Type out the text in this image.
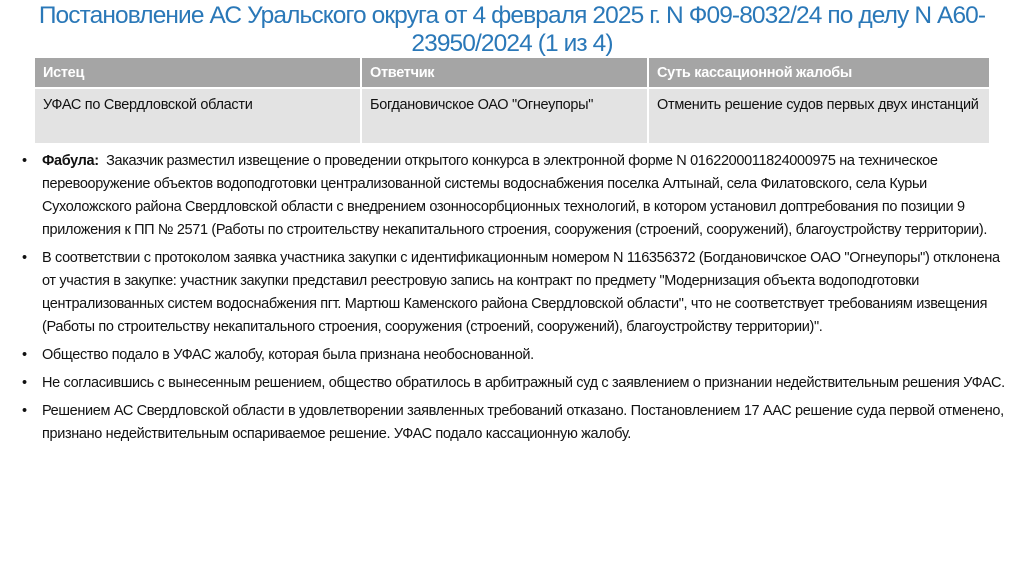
Постановление АС Уральского округа от 4 февраля 2025 г. N Ф09-8032/24 по делу N А60-23950/2024 (1 из 4)
Истец	Ответчик	Суть кассационной жалобы
УФАС по Свердловской области	Богдановичское ОАО "Огнеупоры"	Отменить решение судов первых двух инстанций
• Фабула: Заказчик разместил извещение о проведении открытого конкурса в электронной форме N 0162200011824000975 на техническое перевооружение объектов водоподготовки централизованной системы водоснабжения поселка Алтынай, села Филатовского, села Курьи Сухоложского района Свердловской области с внедрением озонносорбционных технологий, в котором установил доптребования по позиции 9 приложения к ПП № 2571 (Работы по строительству некапитального строения, сооружения (строений, сооружений), благоустройству территории).
• В соответствии с протоколом заявка участника закупки с идентификационным номером N 116356372 (Богдановичское ОАО "Огнеупоры") отклонена от участия в закупке: участник закупки представил реестровую запись на контракт по предмету "Модернизация объекта водоподготовки централизованных систем водоснабжения пгт. Мартюш Каменского района Свердловской области", что не соответствует требованиям извещения (Работы по строительству некапитального строения, сооружения (строений, сооружений), благоустройству территории)".
• Общество подало в УФАС жалобу, которая была признана необоснованной.
• Не согласившись с вынесенным решением, общество обратилось в арбитражный суд с заявлением о признании недействительным решения УФАС.
• Решением АС Свердловской области в удовлетворении заявленных требований отказано. Постановлением 17 ААС решение суда первой отменено, признано недействительным оспариваемое решение. УФАС подало кассационную жалобу.
